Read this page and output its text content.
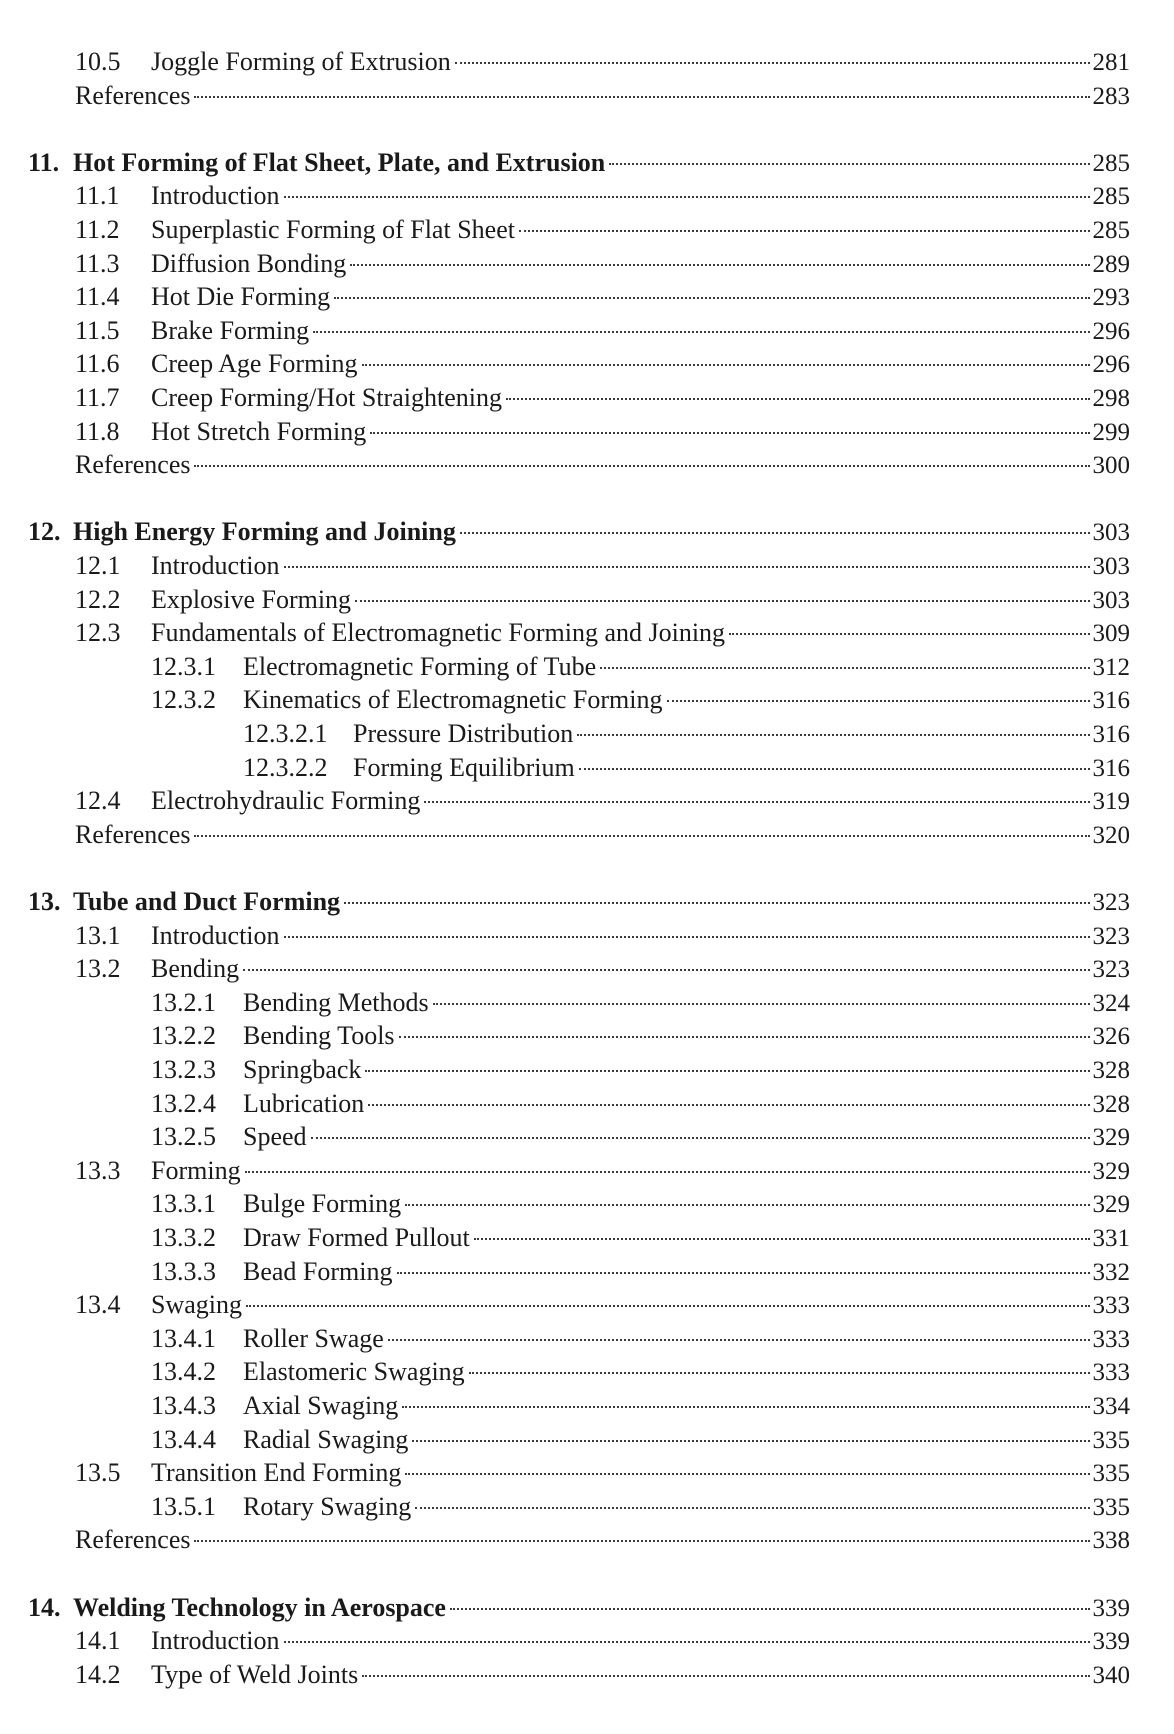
10.5	Joggle Forming of Extrusion	281
References	283
11. Hot Forming of Flat Sheet, Plate, and Extrusion	285
11.1	Introduction	285
11.2	Superplastic Forming of Flat Sheet	285
11.3	Diffusion Bonding	289
11.4	Hot Die Forming	293
11.5	Brake Forming	296
11.6	Creep Age Forming	296
11.7	Creep Forming/Hot Straightening	298
11.8	Hot Stretch Forming	299
References	300
12. High Energy Forming and Joining	303
12.1	Introduction	303
12.2	Explosive Forming	303
12.3	Fundamentals of Electromagnetic Forming and Joining	309
12.3.1	Electromagnetic Forming of Tube	312
12.3.2	Kinematics of Electromagnetic Forming	316
12.3.2.1 Pressure Distribution	316
12.3.2.2 Forming Equilibrium	316
12.4	Electrohydraulic Forming	319
References	320
13. Tube and Duct Forming	323
13.1	Introduction	323
13.2	Bending	323
13.2.1	Bending Methods	324
13.2.2	Bending Tools	326
13.2.3	Springback	328
13.2.4	Lubrication	328
13.2.5	Speed	329
13.3	Forming	329
13.3.1	Bulge Forming	329
13.3.2	Draw Formed Pullout	331
13.3.3	Bead Forming	332
13.4	Swaging	333
13.4.1	Roller Swage	333
13.4.2	Elastomeric Swaging	333
13.4.3	Axial Swaging	334
13.4.4	Radial Swaging	335
13.5	Transition End Forming	335
13.5.1	Rotary Swaging	335
References	338
14. Welding Technology in Aerospace	339
14.1	Introduction	339
14.2	Type of Weld Joints	340
